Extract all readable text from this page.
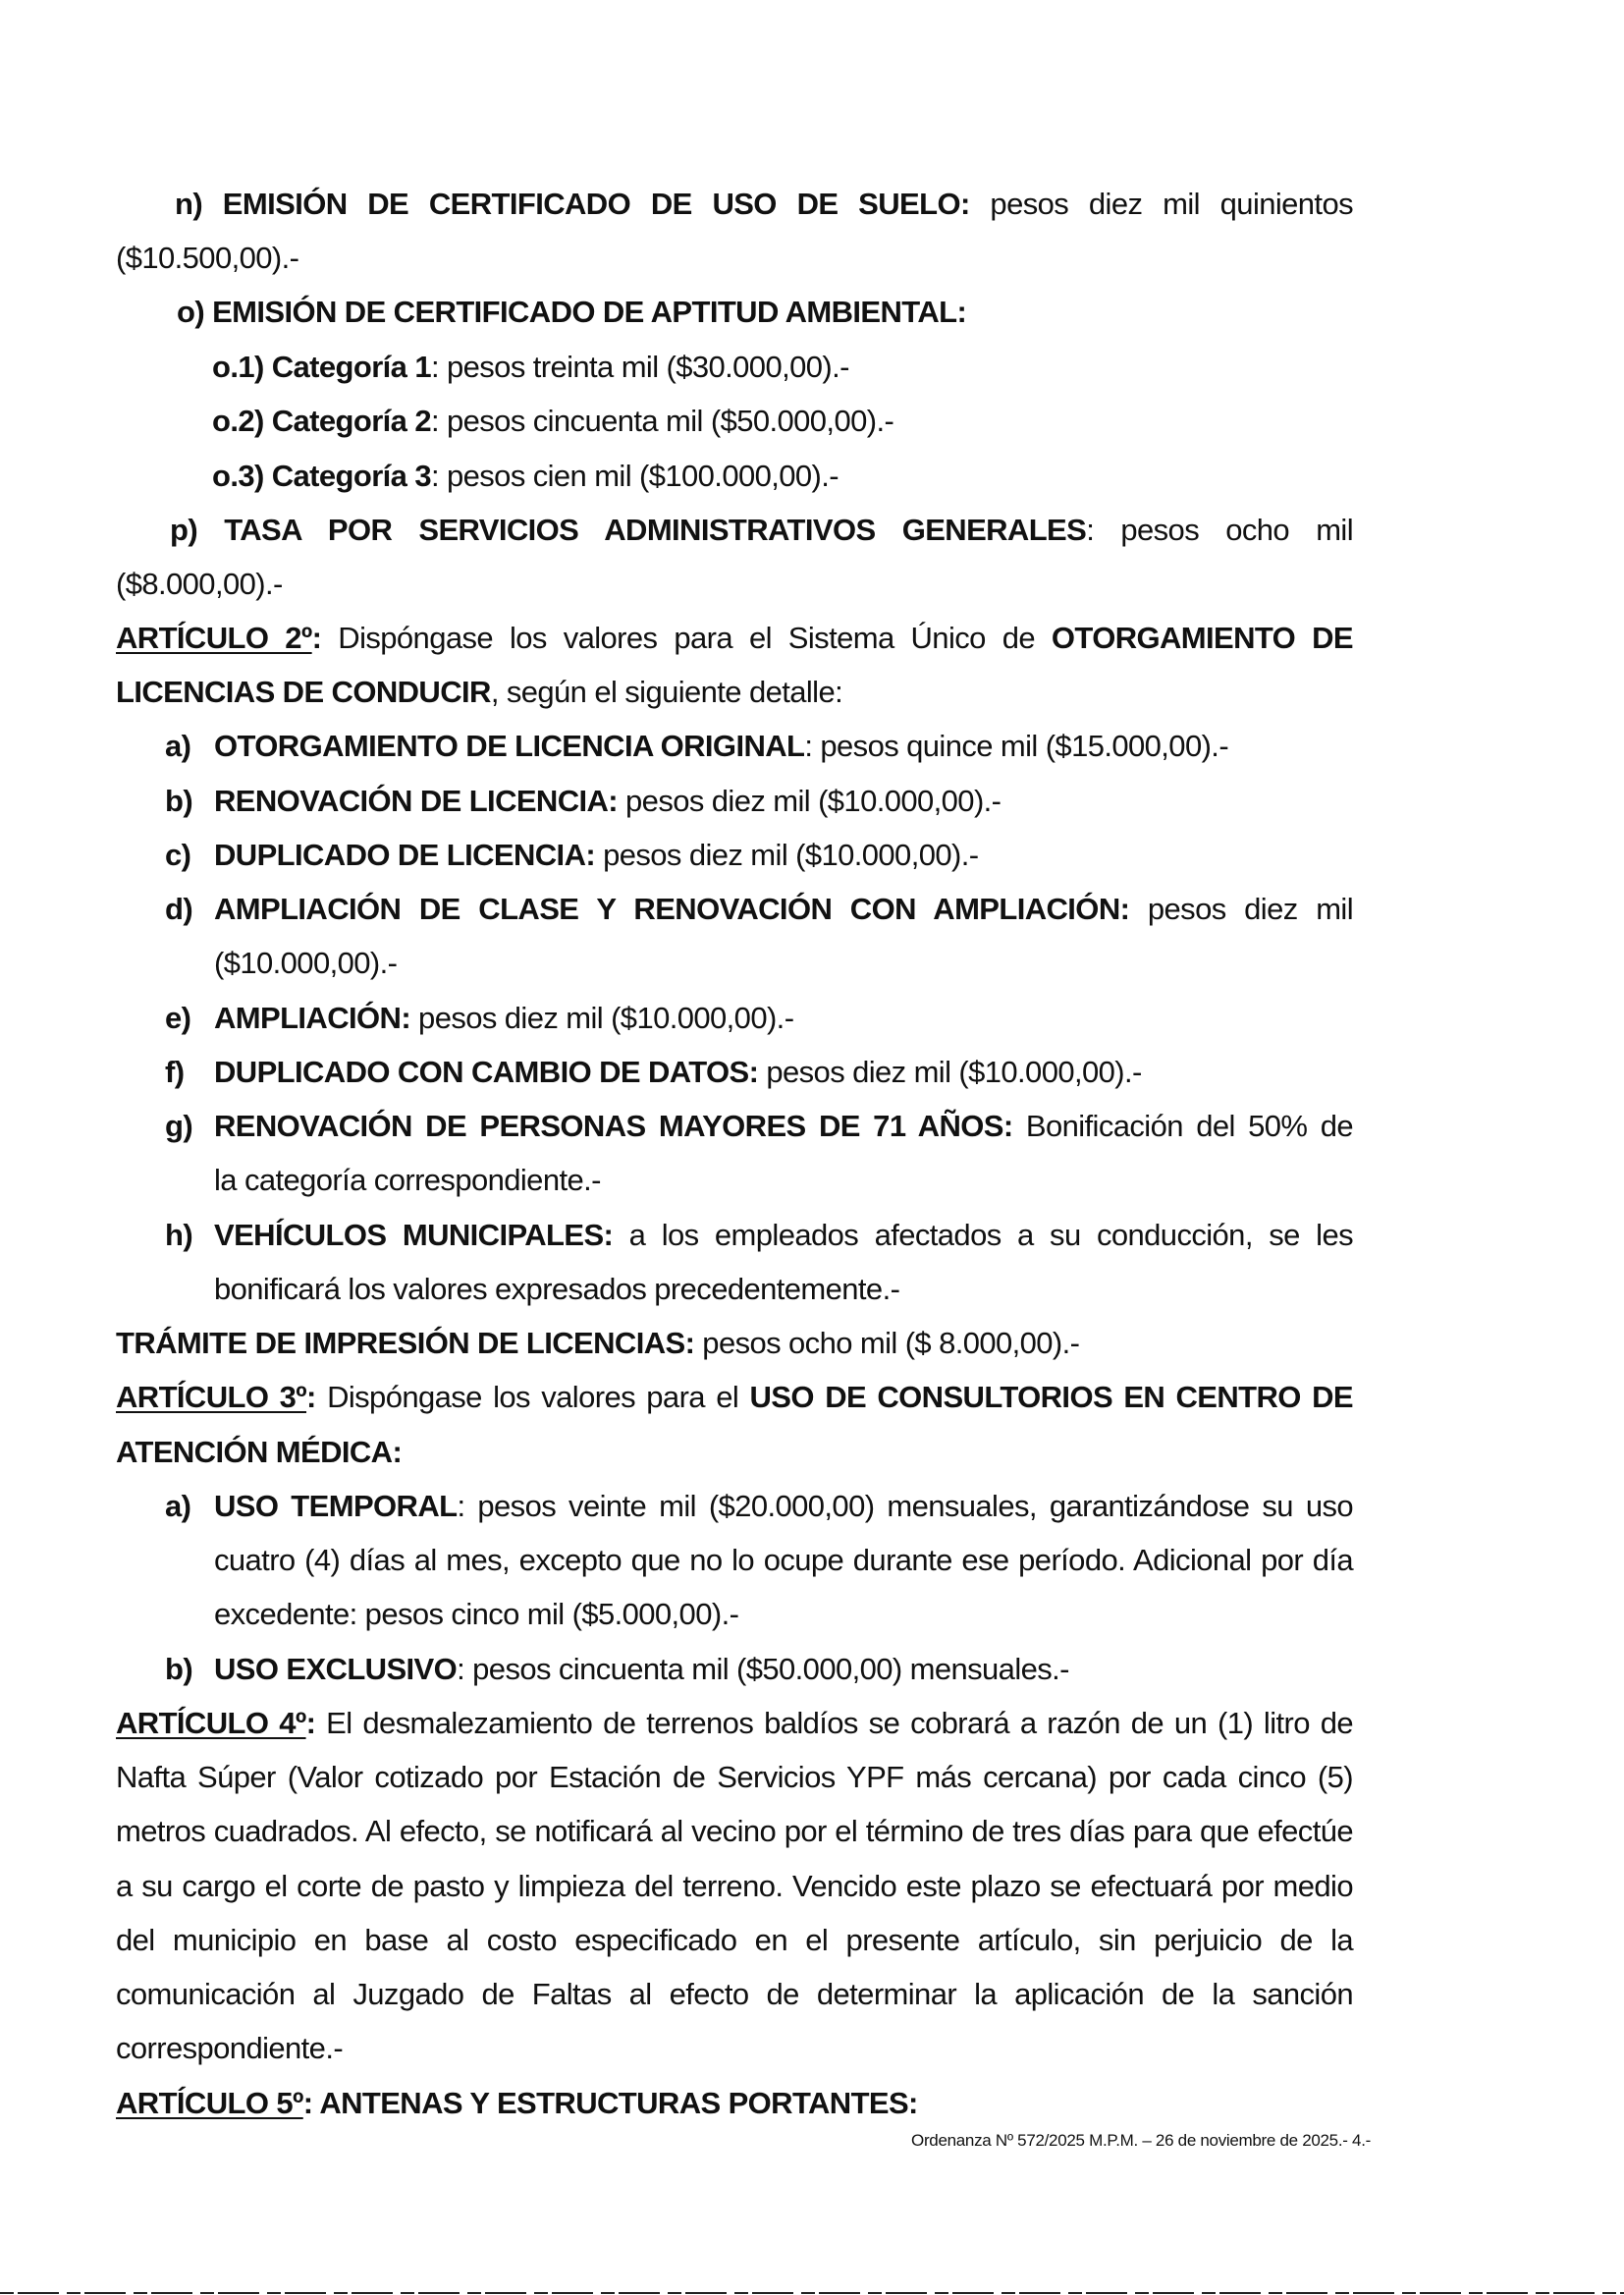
n) EMISIÓN DE CERTIFICADO DE USO DE SUELO: pesos diez mil quinientos
($10.500,00).-
o) EMISIÓN DE CERTIFICADO DE APTITUD AMBIENTAL:
o.1) Categoría 1: pesos treinta mil ($30.000,00).-
o.2) Categoría 2: pesos cincuenta mil ($50.000,00).-
o.3) Categoría 3: pesos cien mil ($100.000,00).-
p) TASA POR SERVICIOS ADMINISTRATIVOS GENERALES: pesos ocho mil
($8.000,00).-
ARTÍCULO 2º: Dispóngase los valores para el Sistema Único de OTORGAMIENTO DE
LICENCIAS DE CONDUCIR, según el siguiente detalle:
a) OTORGAMIENTO DE LICENCIA ORIGINAL: pesos quince mil ($15.000,00).-
b) RENOVACIÓN DE LICENCIA: pesos diez mil ($10.000,00).-
c) DUPLICADO DE LICENCIA: pesos diez mil ($10.000,00).-
d) AMPLIACIÓN DE CLASE Y RENOVACIÓN CON AMPLIACIÓN: pesos diez mil
($10.000,00).-
e) AMPLIACIÓN: pesos diez mil ($10.000,00).-
f) DUPLICADO CON CAMBIO DE DATOS: pesos diez mil ($10.000,00).-
g) RENOVACIÓN DE PERSONAS MAYORES DE 71 AÑOS: Bonificación del 50% de
la categoría correspondiente.-
h) VEHÍCULOS MUNICIPALES: a los empleados afectados a su conducción, se les
bonificará los valores expresados precedentemente.-
TRÁMITE DE IMPRESIÓN DE LICENCIAS: pesos ocho mil ($ 8.000,00).-
ARTÍCULO 3º: Dispóngase los valores para el USO DE CONSULTORIOS EN CENTRO DE
ATENCIÓN MÉDICA:
a) USO TEMPORAL: pesos veinte mil ($20.000,00) mensuales, garantizándose su uso
cuatro (4) días al mes, excepto que no lo ocupe durante ese período. Adicional por día
excedente: pesos cinco mil ($5.000,00).-
b) USO EXCLUSIVO: pesos cincuenta mil ($50.000,00) mensuales.-
ARTÍCULO 4º: El desmalezamiento de terrenos baldíos se cobrará a razón de un (1) litro de
Nafta Súper (Valor cotizado por Estación de Servicios YPF más cercana) por cada cinco (5)
metros cuadrados. Al efecto, se notificará al vecino por el término de tres días para que efectúe
a su cargo el corte de pasto y limpieza del terreno. Vencido este plazo se efectuará por medio
del municipio en base al costo especificado en el presente artículo, sin perjuicio de la
comunicación al Juzgado de Faltas al efecto de determinar la aplicación de la sanción
correspondiente.-
ARTÍCULO 5º: ANTENAS Y ESTRUCTURAS PORTANTES:
Ordenanza Nº 572/2025 M.P.M. – 26 de noviembre de 2025.- 4.-
